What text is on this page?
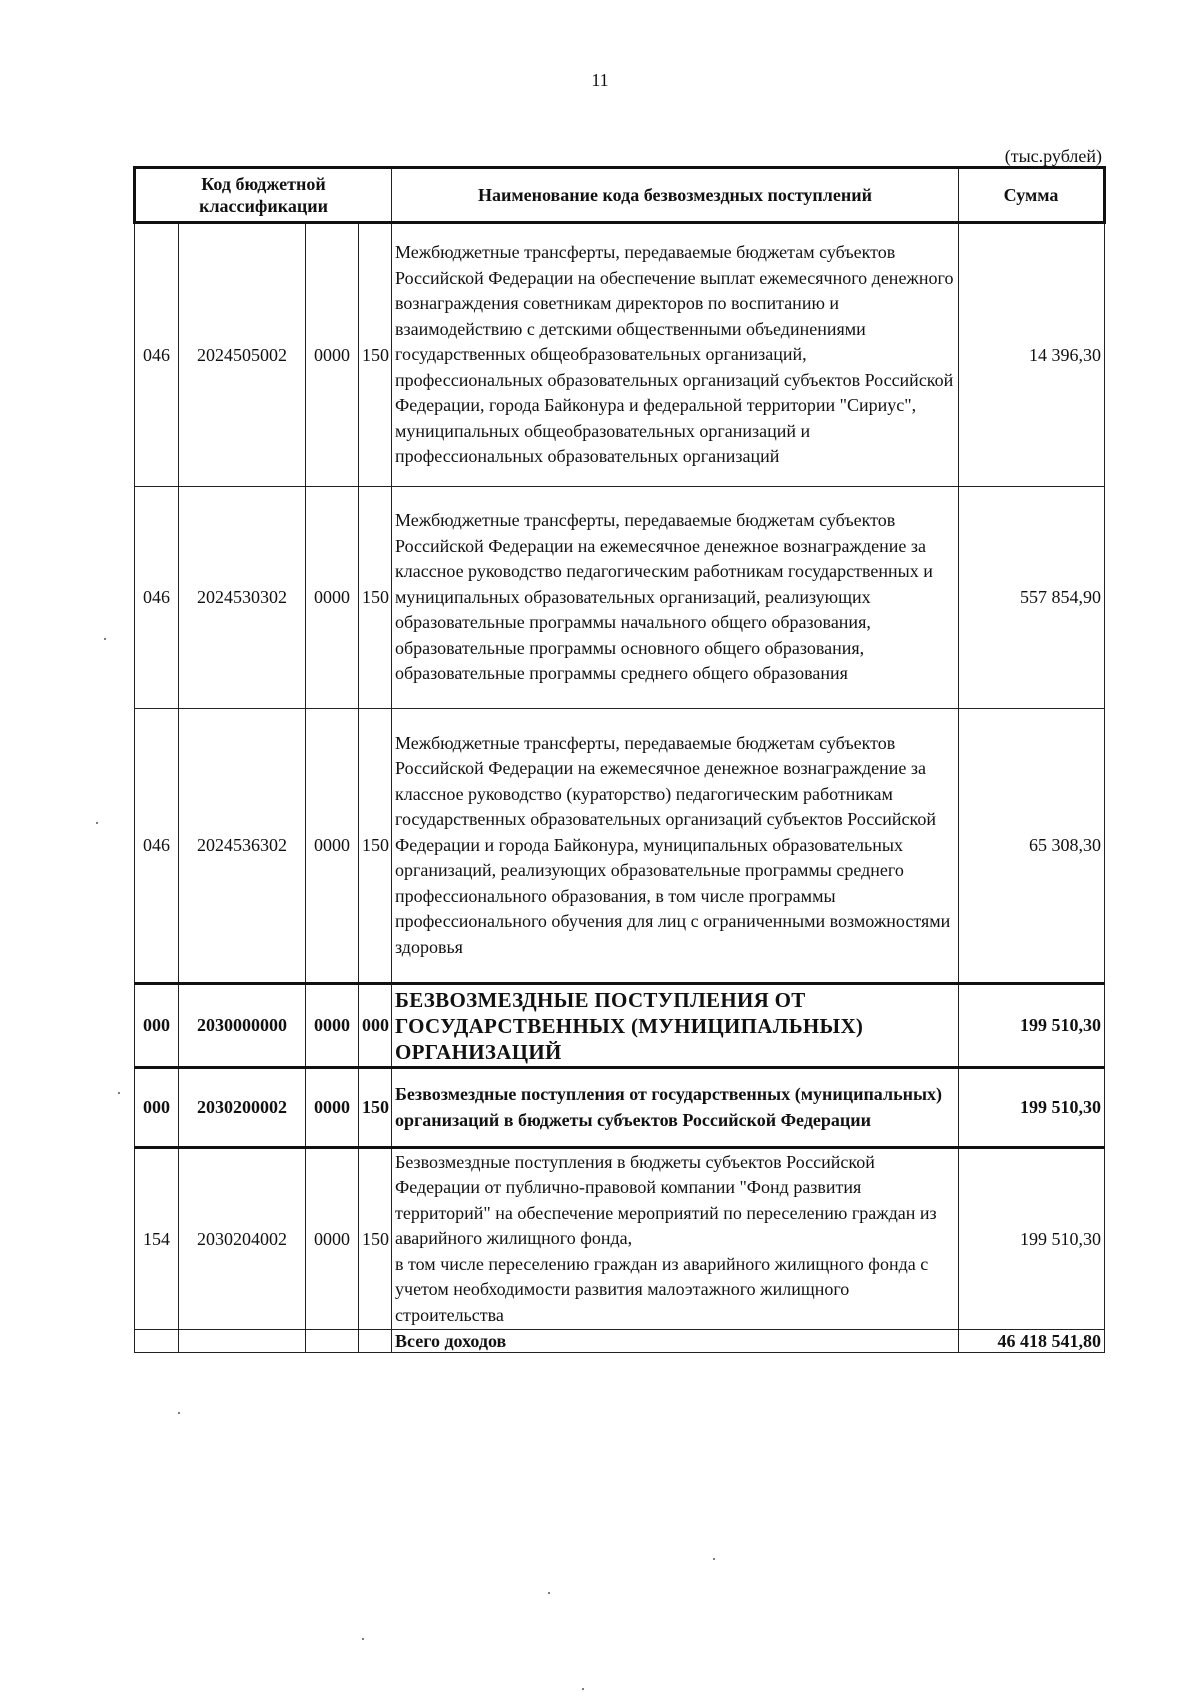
11
(тыс.рублей)
Код бюджетной классификации				Наименование кода безвозмездных поступлений	Сумма
046	2024505002	0000	150	Межбюджетные трансферты, передаваемые бюджетам субъектов Российской Федерации на обеспечение выплат ежемесячного денежного вознаграждения советникам директоров по воспитанию и взаимодействию с детскими общественными объединениями государственных общеобразовательных организаций, профессиональных образовательных организаций субъектов Российской Федерации, города Байконура и федеральной территории "Сириус", муниципальных общеобразовательных организаций и профессиональных образовательных организаций	14 396,30
046	2024530302	0000	150	Межбюджетные трансферты, передаваемые бюджетам субъектов Российской Федерации на ежемесячное денежное вознаграждение за классное руководство педагогическим работникам государственных и муниципальных образовательных организаций, реализующих образовательные программы начального общего образования, образовательные программы основного общего образования, образовательные программы среднего общего образования	557 854,90
046	2024536302	0000	150	Межбюджетные трансферты, передаваемые бюджетам субъектов Российской Федерации на ежемесячное денежное вознаграждение за классное руководство (кураторство) педагогическим работникам государственных образовательных организаций субъектов Российской Федерации и города Байконура, муниципальных образовательных организаций, реализующих образовательные программы среднего профессионального образования, в том числе программы профессионального обучения для лиц с ограниченными возможностями здоровья	65 308,30
000	2030000000	0000	000	БЕЗВОЗМЕЗДНЫЕ ПОСТУПЛЕНИЯ ОТ ГОСУДАРСТВЕННЫХ (МУНИЦИПАЛЬНЫХ) ОРГАНИЗАЦИЙ	199 510,30
000	2030200002	0000	150	Безвозмездные поступления от государственных (муниципальных) организаций в бюджеты субъектов Российской Федерации	199 510,30
154	2030204002	0000	150	Безвозмездные поступления в бюджеты субъектов Российской Федерации от публично-правовой компании "Фонд развития территорий" на обеспечение мероприятий по переселению граждан из аварийного жилищного фонда,
в том числе переселению граждан из аварийного жилищного фонда с учетом необходимости развития малоэтажного жилищного строительства	199 510,30
				Всего доходов	46 418 541,80
